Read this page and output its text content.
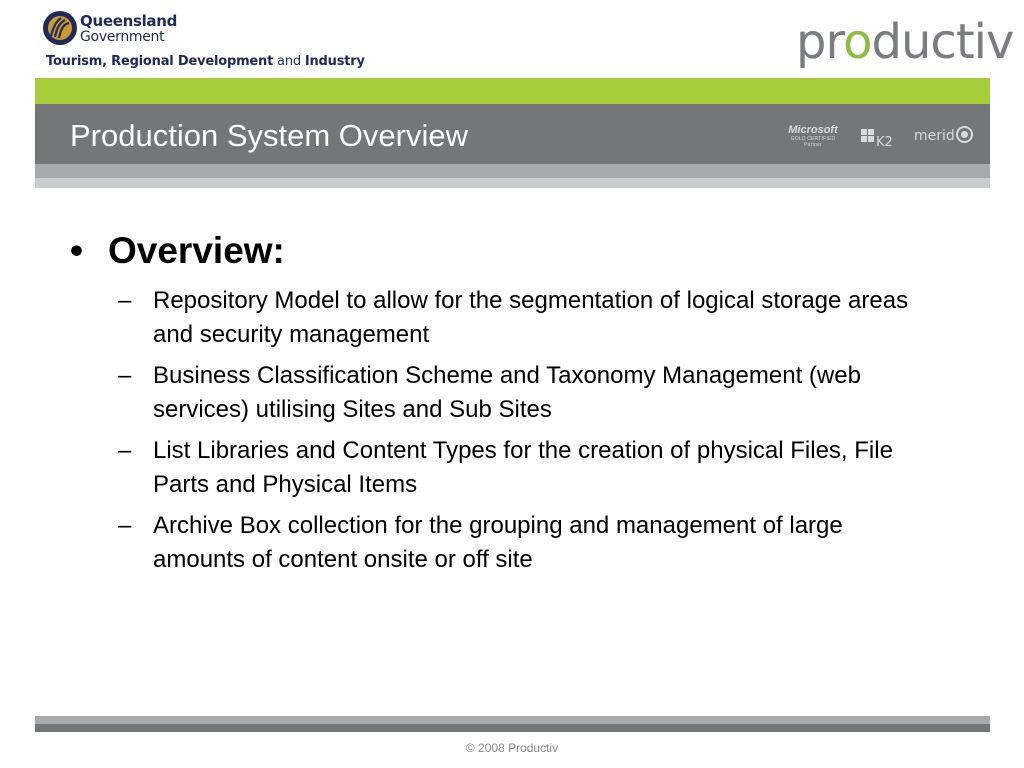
Queensland
Government
Tourism, Regional Development and Industry	productiv
Production System Overview	Microsoft
GOLD CERTIFIED
Partner	K2 merid
• Overview:
– Repository Model to allow for the segmentation of logical storage areas and security management
– Business Classification Scheme and Taxonomy Management (web services) utilising Sites and Sub Sites
– List Libraries and Content Types for the creation of physical Files, File Parts and Physical Items
– Archive Box collection for the grouping and management of large amounts of content onsite or off site
© 2008 Productiv
